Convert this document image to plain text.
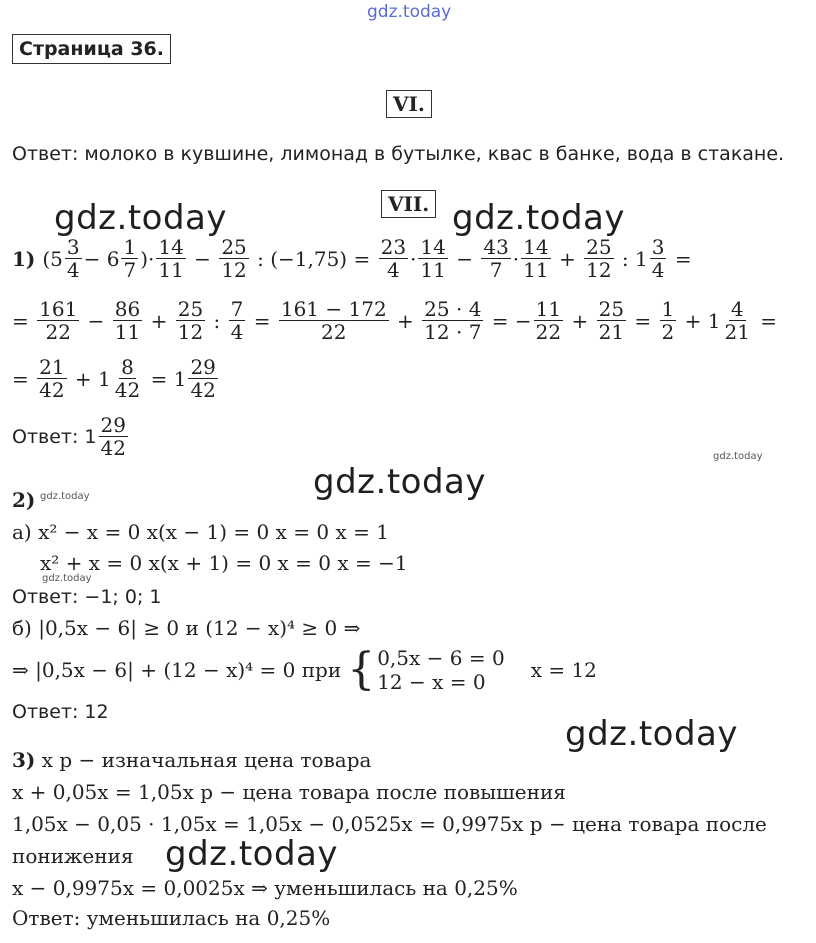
gdz.today
gdz.today	gdz.today
gdz.today
gdz.today
gdz.today
gdz.today
gdz.today
gdz.today
Страница 36.
VI.
Ответ: молоко в кувшине, лимонад в бутылке, квас в банке, вода в стакане.
VII.
1 ) ($5 \frac{3}{4} - 6 \frac{1}{7}$ )· $\frac{14}{11} - \frac{25}{12}$ : $(-1,75) = \frac{23}{4} \cdot \frac{14}{11} - \frac{43}{7} \cdot \frac{14}{11} + \frac{25}{12}$ : $1 \frac{3}{4}$ =
= $\frac{161}{22} - \frac{86}{11} + \frac{25}{12}$ : $\frac{7}{4} = \frac{161 - 172}{22} + \frac{25 \cdot 4}{12 \cdot 7}$ = − $\frac{11}{22} + \frac{25}{21} = \frac{1}{2} + 1 \frac{4}{21}$ =
= $\frac{21}{42} + 1 \frac{8}{42} = 1 \frac{29}{42}$
Ответ: $1 \frac{29}{42}$
2)
а) x² − x = 0 x(x − 1) = 0 x = 0 x = 1
x² + x = 0 x(x + 1) = 0 x = 0 x = −1
Ответ: −1; 0; 1
б) |0,5x − 6| ≥ 0 и (12 − x)⁴ ≥ 0 ⇒
⇒ |0,5x − 6| + (12 − x)⁴ = 0 при { 0,5x − 6 = 0
12 − x = 0	x = 12
Ответ: 12
3) x р − изначальная цена товара
x + 0,05x = 1,05x р − цена товара после повышения
1,05x − 0,05 · 1,05x = 1,05x − 0,0525x = 0,9975x р − цена товара после
понижения
x − 0,9975x = 0,0025x ⇒ уменьшилась на 0,25%
Ответ: уменьшилась на 0,25%
